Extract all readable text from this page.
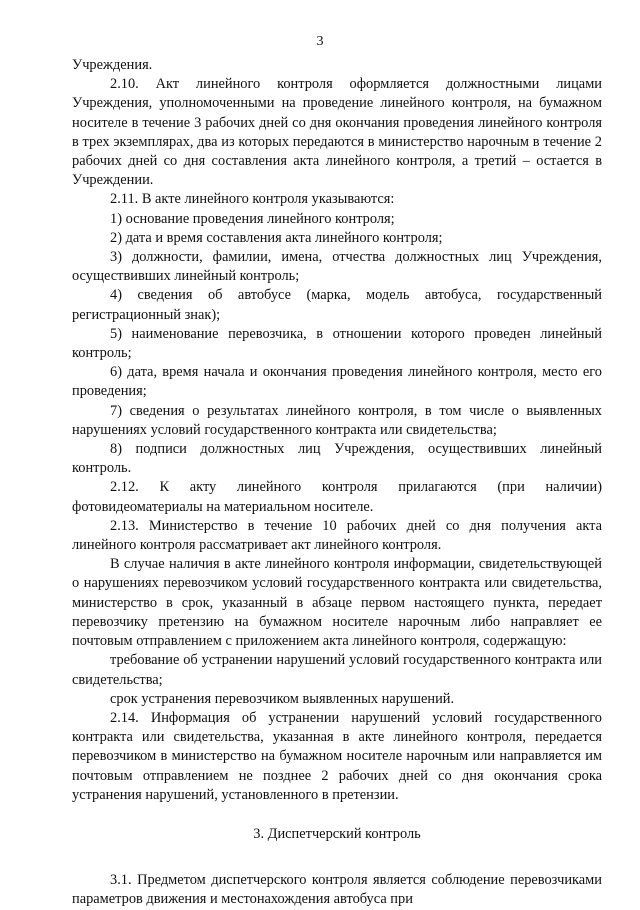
3

Учреждения.

2.10. Акт линейного контроля оформляется должностными лицами Учреждения, уполномоченными на проведение линейного контроля, на бумажном носителе в течение 3 рабочих дней со дня окончания проведения линейного контроля в трех экземплярах, два из которых передаются в министерство нарочным в течение 2 рабочих дней со дня составления акта линейного контроля, а третий – остается в Учреждении.

2.11. В акте линейного контроля указываются:

1) основание проведения линейного контроля;

2) дата и время составления акта линейного контроля;

3) должности, фамилии, имена, отчества должностных лиц Учреждения, осуществивших линейный контроль;

4) сведения об автобусе (марка, модель автобуса, государственный регистрационный знак);

5) наименование перевозчика, в отношении которого проведен линейный контроль;

6) дата, время начала и окончания проведения линейного контроля, место его проведения;

7) сведения о результатах линейного контроля, в том числе о выявленных нарушениях условий государственного контракта или свидетельства;

8) подписи должностных лиц Учреждения, осуществивших линейный контроль.

2.12. К акту линейного контроля прилагаются (при наличии) фотовидеоматериалы на материальном носителе.

2.13. Министерство в течение 10 рабочих дней со дня получения акта линейного контроля рассматривает акт линейного контроля.

В случае наличия в акте линейного контроля информации, свидетельствующей о нарушениях перевозчиком условий государственного контракта или свидетельства, министерство в срок, указанный в абзаце первом настоящего пункта, передает перевозчику претензию на бумажном носителе нарочным либо направляет ее почтовым отправлением с приложением акта линейного контроля, содержащую:

требование об устранении нарушений условий государственного контракта или свидетельства;

срок устранения перевозчиком выявленных нарушений.

2.14. Информация об устранении нарушений условий государственного контракта или свидетельства, указанная в акте линейного контроля, передается перевозчиком в министерство на бумажном носителе нарочным или направляется им почтовым отправлением не позднее 2 рабочих дней со дня окончания срока устранения нарушений, установленного в претензии.

3. Диспетчерский контроль

3.1. Предметом диспетчерского контроля является соблюдение перевозчиками параметров движения и местонахождения автобуса при
